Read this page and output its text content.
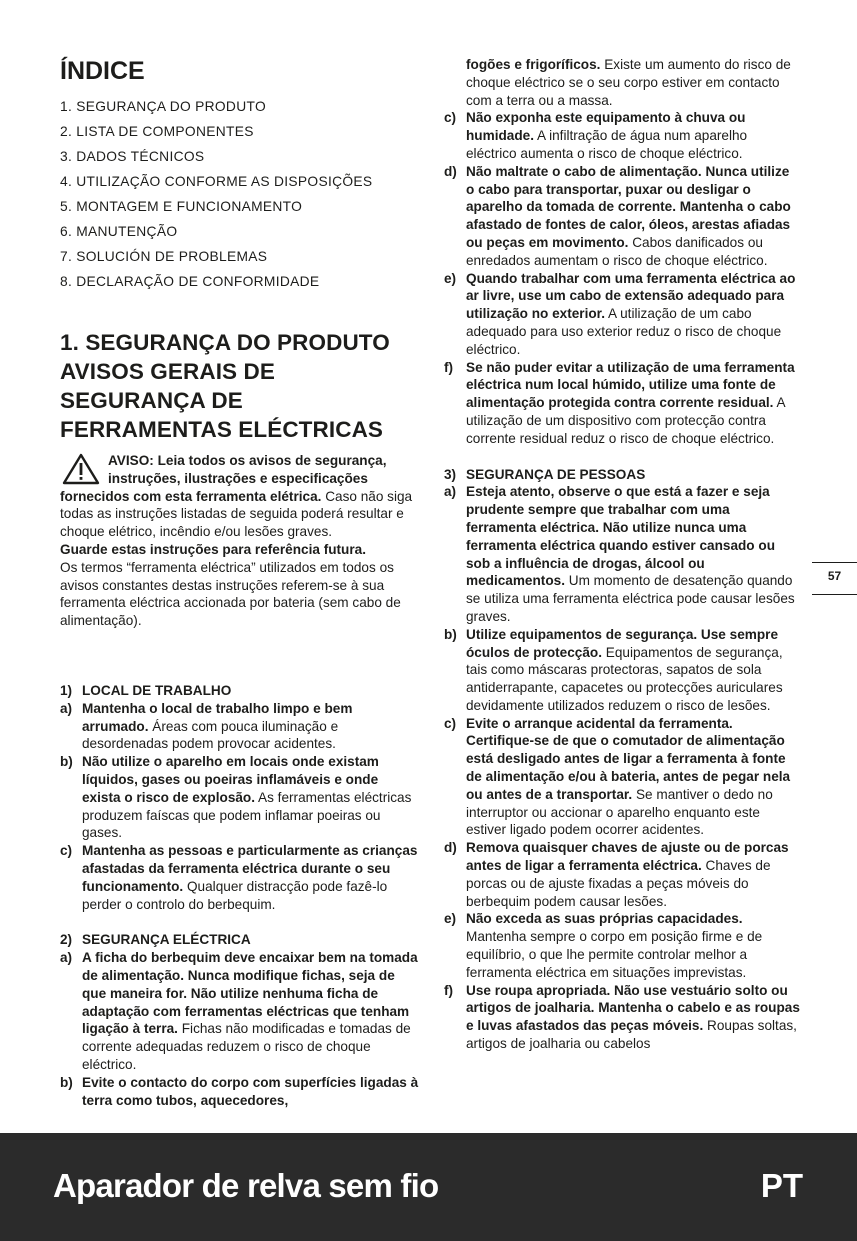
ÍNDICE
1. SEGURANÇA DO PRODUTO
2. LISTA DE COMPONENTES
3. DADOS TÉCNICOS
4. UTILIZAÇÃO CONFORME AS DISPOSIÇÕES
5. MONTAGEM E FUNCIONAMENTO
6. MANUTENÇÃO
7. SOLUCIÓN DE PROBLEMAS
8. DECLARAÇÃO DE CONFORMIDADE
1. SEGURANÇA DO PRODUTO AVISOS GERAIS DE SEGURANÇA DE FERRAMENTAS ELÉCTRICAS

AVISO: Leia todos os avisos de segurança, instruções, ilustrações e especificações fornecidos com esta ferramenta elétrica. Caso não siga todas as instruções listadas de seguida poderá resultar e choque elétrico, incêndio e/ou lesões graves.

Guarde estas instruções para referência futura.

Os termos “ferramenta eléctrica” utilizados em todos os avisos constantes destas instruções referem-se à sua ferramenta eléctrica accionada por bateria (sem cabo de alimentação).

1) LOCAL DE TRABALHO
a) Mantenha o local de trabalho limpo e bem arrumado. Áreas com pouca iluminação e desordenadas podem provocar acidentes.
b) Não utilize o aparelho em locais onde existam líquidos, gases ou poeiras inflamáveis e onde exista o risco de explosão. As ferramentas eléctricas produzem faíscas que podem inflamar poeiras ou gases.
c) Mantenha as pessoas e particularmente as crianças afastadas da ferramenta eléctrica durante o seu funcionamento. Qualquer distracção pode fazê-lo perder o controlo do berbequim.
2) SEGURANÇA ELÉCTRICA
a) A ficha do berbequim deve encaixar bem na tomada de alimentação. Nunca modifique fichas, seja de que maneira for. Não utilize nenhuma ficha de adaptação com ferramentas eléctricas que tenham ligação à terra. Fichas não modificadas e tomadas de corrente adequadas reduzem o risco de choque eléctrico.
b) Evite o contacto do corpo com superfícies ligadas à terra como tubos, aquecedores,
fogões e frigoríficos. Existe um aumento do risco de choque eléctrico se o seu corpo estiver em contacto com a terra ou a massa.
c) Não exponha este equipamento à chuva ou humidade. A infiltração de água num aparelho eléctrico aumenta o risco de choque eléctrico.
d) Não maltrate o cabo de alimentação. Nunca utilize o cabo para transportar, puxar ou desligar o aparelho da tomada de corrente. Mantenha o cabo afastado de fontes de calor, óleos, arestas afiadas ou peças em movimento. Cabos danificados ou enredados aumentam o risco de choque eléctrico.
e) Quando trabalhar com uma ferramenta eléctrica ao ar livre, use um cabo de extensão adequado para utilização no exterior. A utilização de um cabo adequado para uso exterior reduz o risco de choque eléctrico.
f) Se não puder evitar a utilização de uma ferramenta eléctrica num local húmido, utilize uma fonte de alimentação protegida contra corrente residual. A utilização de um dispositivo com protecção contra corrente residual reduz o risco de choque eléctrico.
3) SEGURANÇA DE PESSOAS
a) Esteja atento, observe o que está a fazer e seja prudente sempre que trabalhar com uma ferramenta eléctrica. Não utilize nunca uma ferramenta eléctrica quando estiver cansado ou sob a influência de drogas, álcool ou medicamentos. Um momento de desatenção quando se utiliza uma ferramenta eléctrica pode causar lesões graves.
b) Utilize equipamentos de segurança. Use sempre óculos de protecção. Equipamentos de segurança, tais como máscaras protectoras, sapatos de sola antiderrapante, capacetes ou protecções auriculares devidamente utilizados reduzem o risco de lesões.
c) Evite o arranque acidental da ferramenta. Certifique-se de que o comutador de alimentação está desligado antes de ligar a ferramenta à fonte de alimentação e/ou à bateria, antes de pegar nela ou antes de a transportar. Se mantiver o dedo no interruptor ou accionar o aparelho enquanto este estiver ligado podem ocorrer acidentes.
d) Remova quaisquer chaves de ajuste ou de porcas antes de ligar a ferramenta eléctrica. Chaves de porcas ou de ajuste fixadas a peças móveis do berbequim podem causar lesões.
e) Não exceda as suas próprias capacidades. Mantenha sempre o corpo em posição firme e de equilíbrio, o que lhe permite controlar melhor a ferramenta eléctrica em situações imprevistas.
f) Use roupa apropriada. Não use vestuário solto ou artigos de joalharia. Mantenha o cabelo e as roupas e luvas afastados das peças móveis. Roupas soltas, artigos de joalharia ou cabelos
57
Aparador de relva sem fio	PT
